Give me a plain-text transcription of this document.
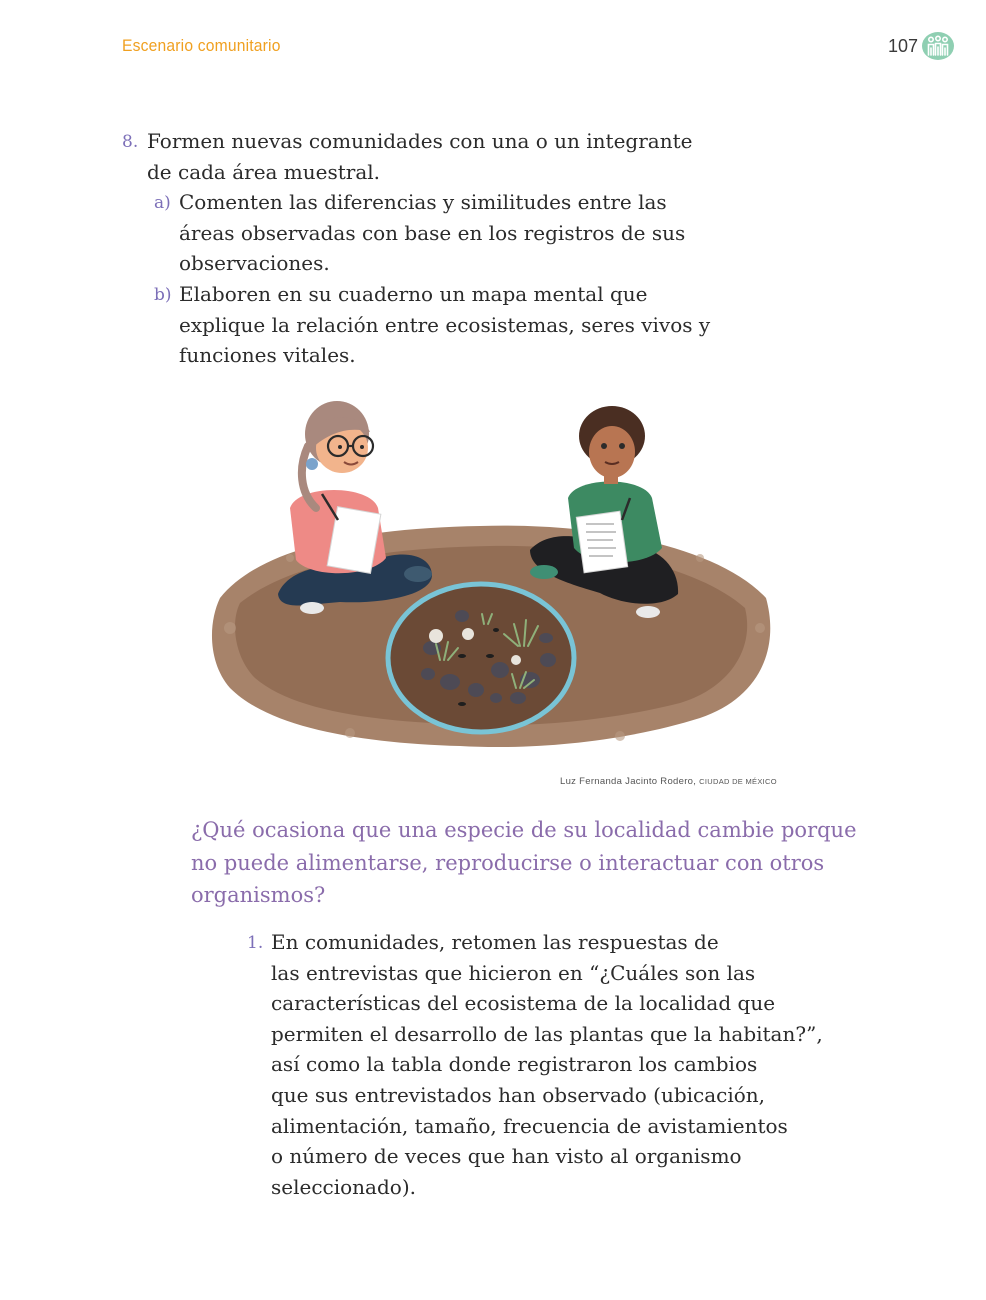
Escenario comunitario	107
8. Formen nuevas comunidades con una o un integrante
de cada área muestral.
a) Comenten las diferencias y similitudes entre las
áreas observadas con base en los registros de sus
observaciones.
b) Elaboren en su cuaderno un mapa mental que
explique la relación entre ecosistemas, seres vivos y
funciones vitales.
Luz Fernanda Jacinto Rodero, CIUDAD DE MÉXICO
¿Qué ocasiona que una especie de su localidad cambie porque
no puede alimentarse, reproducirse o interactuar con otros
organismos?
1. En comunidades, retomen las respuestas de
las entrevistas que hicieron en “¿Cuáles son las
características del ecosistema de la localidad que
permiten el desarrollo de las plantas que la habitan?”,
así como la tabla donde registraron los cambios
que sus entrevistados han observado (ubicación,
alimentación, tamaño, frecuencia de avistamientos
o número de veces que han visto al organismo
seleccionado).
